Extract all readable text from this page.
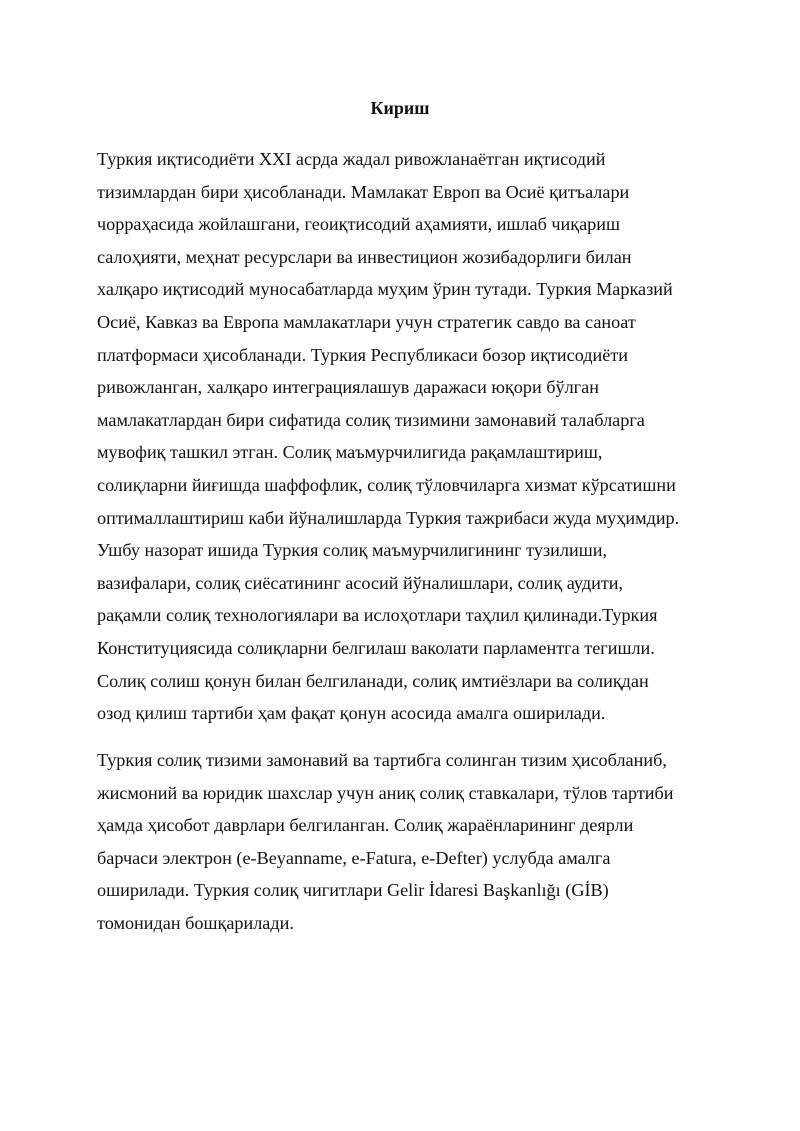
Кириш
Туркия иқтисодиёти XXI асрда жадал ривожланаётган иқтисодий
тизимлардан бири ҳисобланади. Мамлакат Европ ва Осиё қитъалари
чорраҳасида жойлашгани, геоиқтисодий аҳамияти, ишлаб чиқариш
салоҳияти, меҳнат ресурслари ва инвестицион жозибадорлиги билан
халқаро иқтисодий муносабатларда муҳим ўрин тутади. Туркия Марказий
Осиё, Кавказ ва Европа мамлакатлари учун стратегик савдо ва саноат
платформаси ҳисобланади. Туркия Республикаси бозор иқтисодиёти
ривожланган, халқаро интеграциялашув даражаси юқори бўлган
мамлакатлардан бири сифатида солиқ тизимини замонавий талабларга
мувофиқ ташкил этган. Солиқ маъмурчилигида рақамлаштириш,
солиқларни йиғишда шаффофлик, солиқ тўловчиларга хизмат кўрсатишни
оптималлаштириш каби йўналишларда Туркия тажрибаси жуда муҳимдир.
Ушбу назорат ишида Туркия солиқ маъмурчилигининг тузилиши,
вазифалари, солиқ сиёсатининг асосий йўналишлари, солиқ аудити,
рақамли солиқ технологиялари ва ислоҳотлари таҳлил қилинади.Туркия
Конституциясида солиқларни белгилаш ваколати парламентга тегишли.
Солиқ солиш қонун билан белгиланади, солиқ имтиёзлари ва солиқдан
озод қилиш тартиби ҳам фақат қонун асосида амалга оширилади.
Туркия солиқ тизими замонавий ва тартибга солинган тизим ҳисобланиб,
жисмоний ва юридик шахслар учун аниқ солиқ ставкалари, тўлов тартиби
ҳамда ҳисобот даврлари белгиланган. Солиқ жараёнларининг деярли
барчаси электрон (e-Beyanname, e-Fatura, e-Defter) услубда амалга
оширилади. Туркия солиқ чигитлари Gelir İdaresi Başkanlığı (GİB)
томонидан бошқарилади.
